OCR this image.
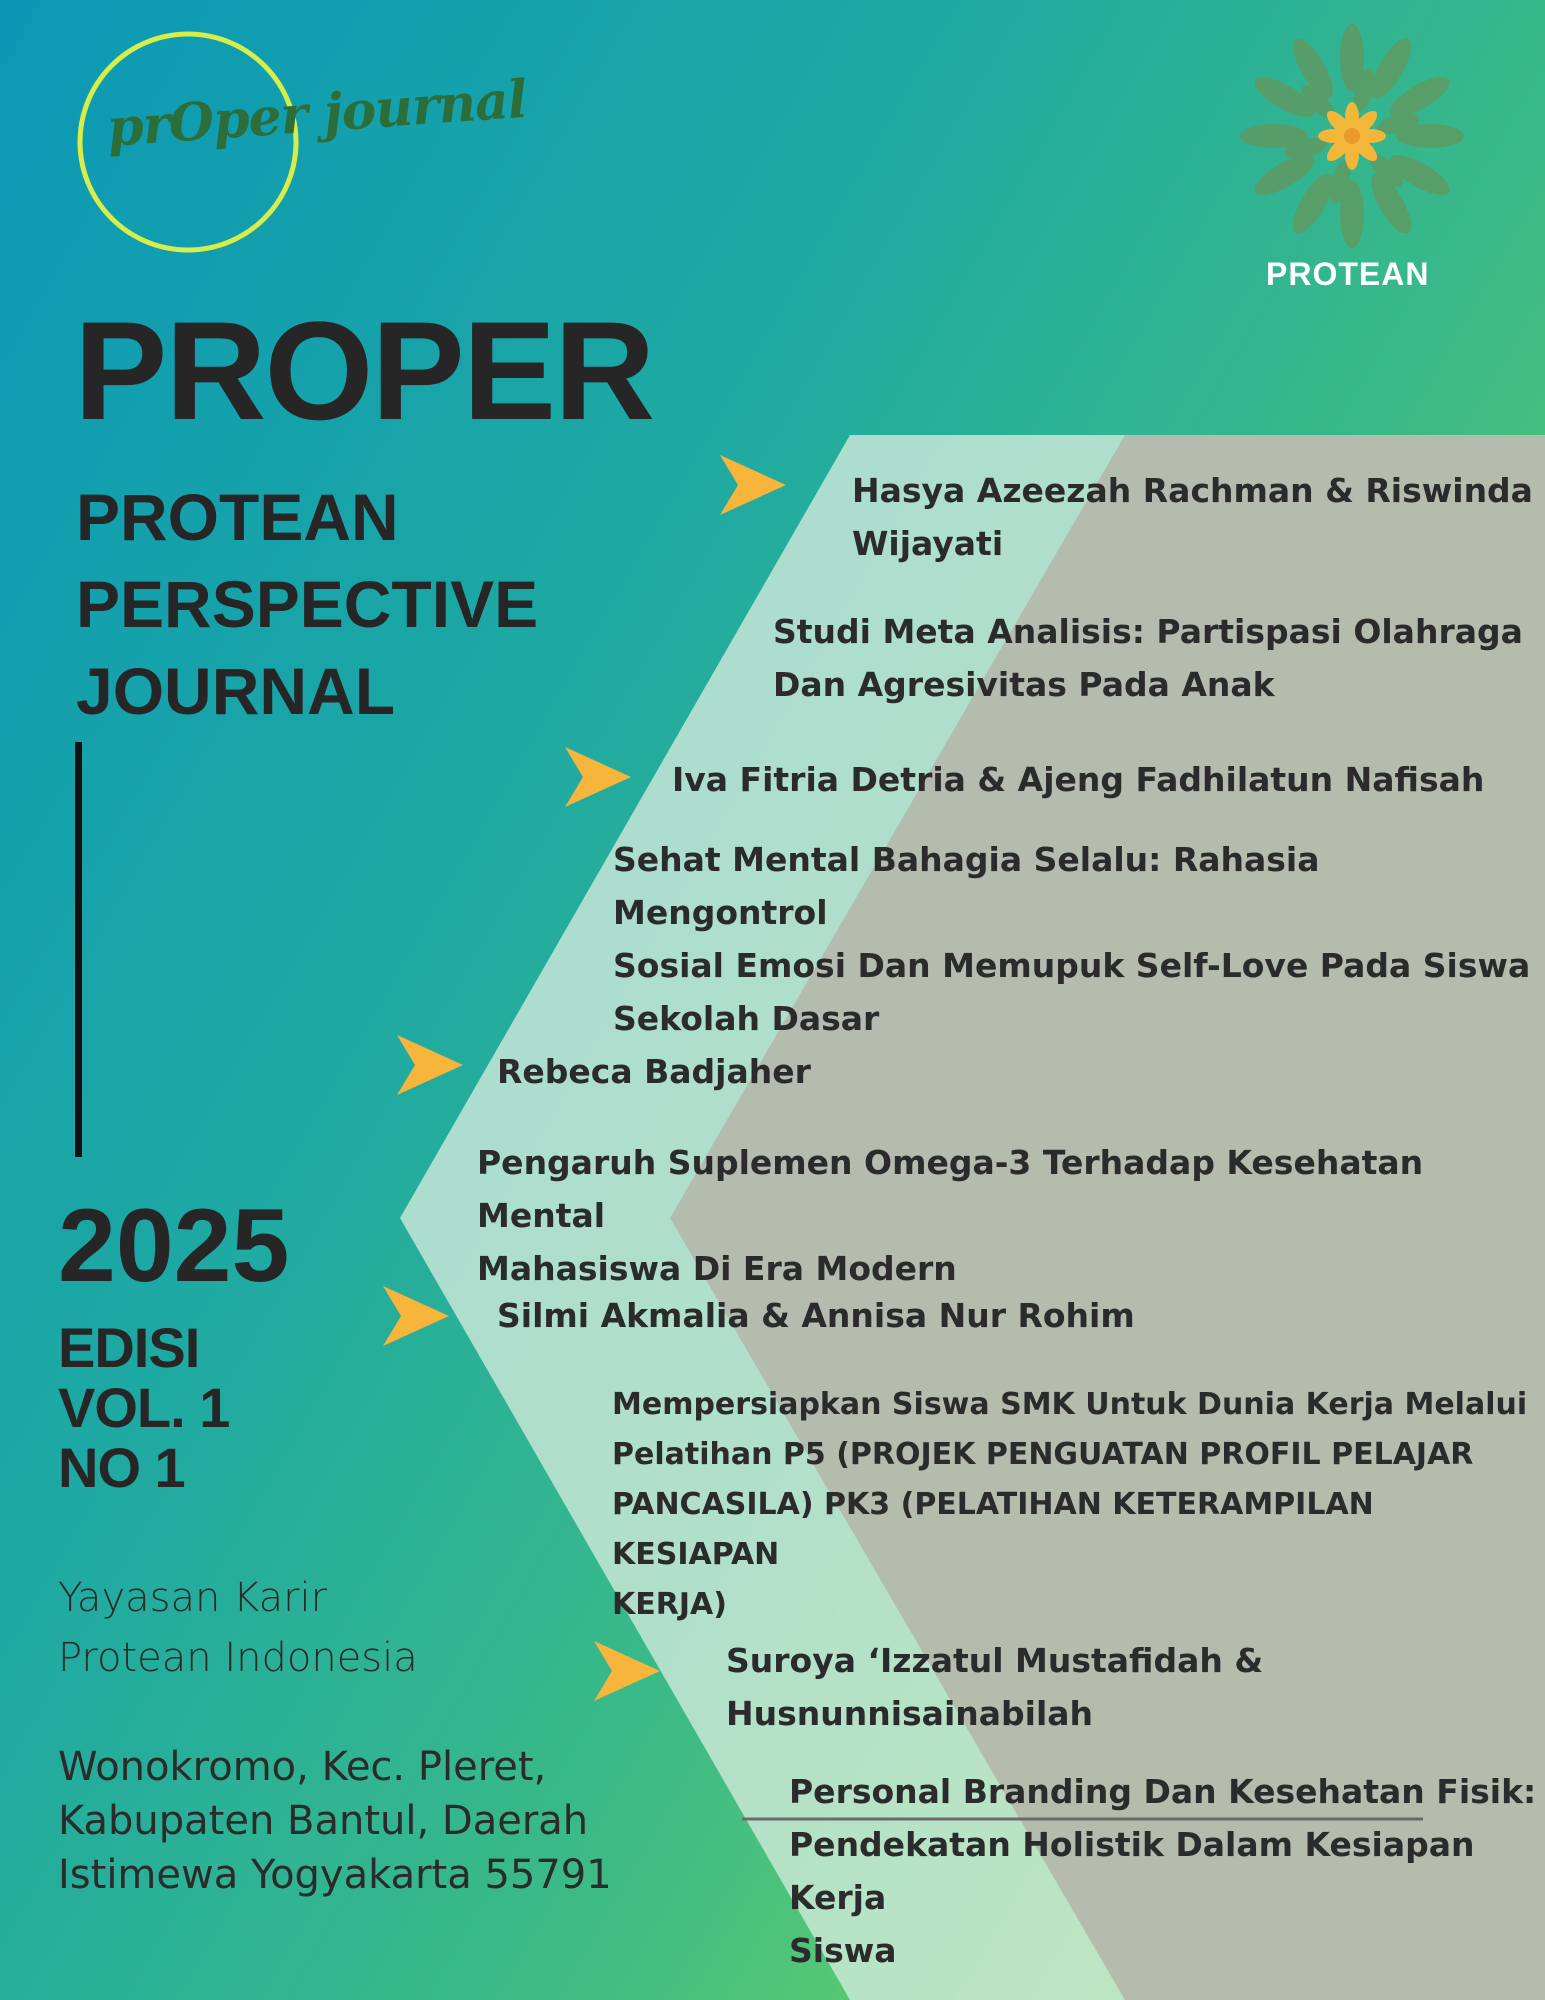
prOper journal
PROTEAN
PROPER
PROTEAN
PERSPECTIVE
JOURNAL
2025
EDISI
VOL. 1
NO 1
Yayasan Karir
Protean Indonesia
Wonokromo, Kec. Pleret,
Kabupaten Bantul, Daerah
Istimewa Yogyakarta 55791
Hasya Azeezah Rachman & Riswinda
Wijayati
Studi Meta Analisis: Partispasi Olahraga
Dan Agresivitas Pada Anak
Iva Fitria Detria & Ajeng Fadhilatun Nafisah
Sehat Mental Bahagia Selalu: Rahasia Mengontrol
Sosial Emosi Dan Memupuk Self-Love Pada Siswa
Sekolah Dasar
Rebeca Badjaher
Pengaruh Suplemen Omega-3 Terhadap Kesehatan Mental
Mahasiswa Di Era Modern
Silmi Akmalia & Annisa Nur Rohim
Mempersiapkan Siswa SMK Untuk Dunia Kerja Melalui
Pelatihan P5 (PROJEK PENGUATAN PROFIL PELAJAR
PANCASILA) PK3 (PELATIHAN KETERAMPILAN KESIAPAN
KERJA)
Suroya ‘Izzatul Mustafidah &
Husnunnisainabilah
Personal Branding Dan Kesehatan Fisik:
Pendekatan Holistik Dalam Kesiapan Kerja
Siswa
